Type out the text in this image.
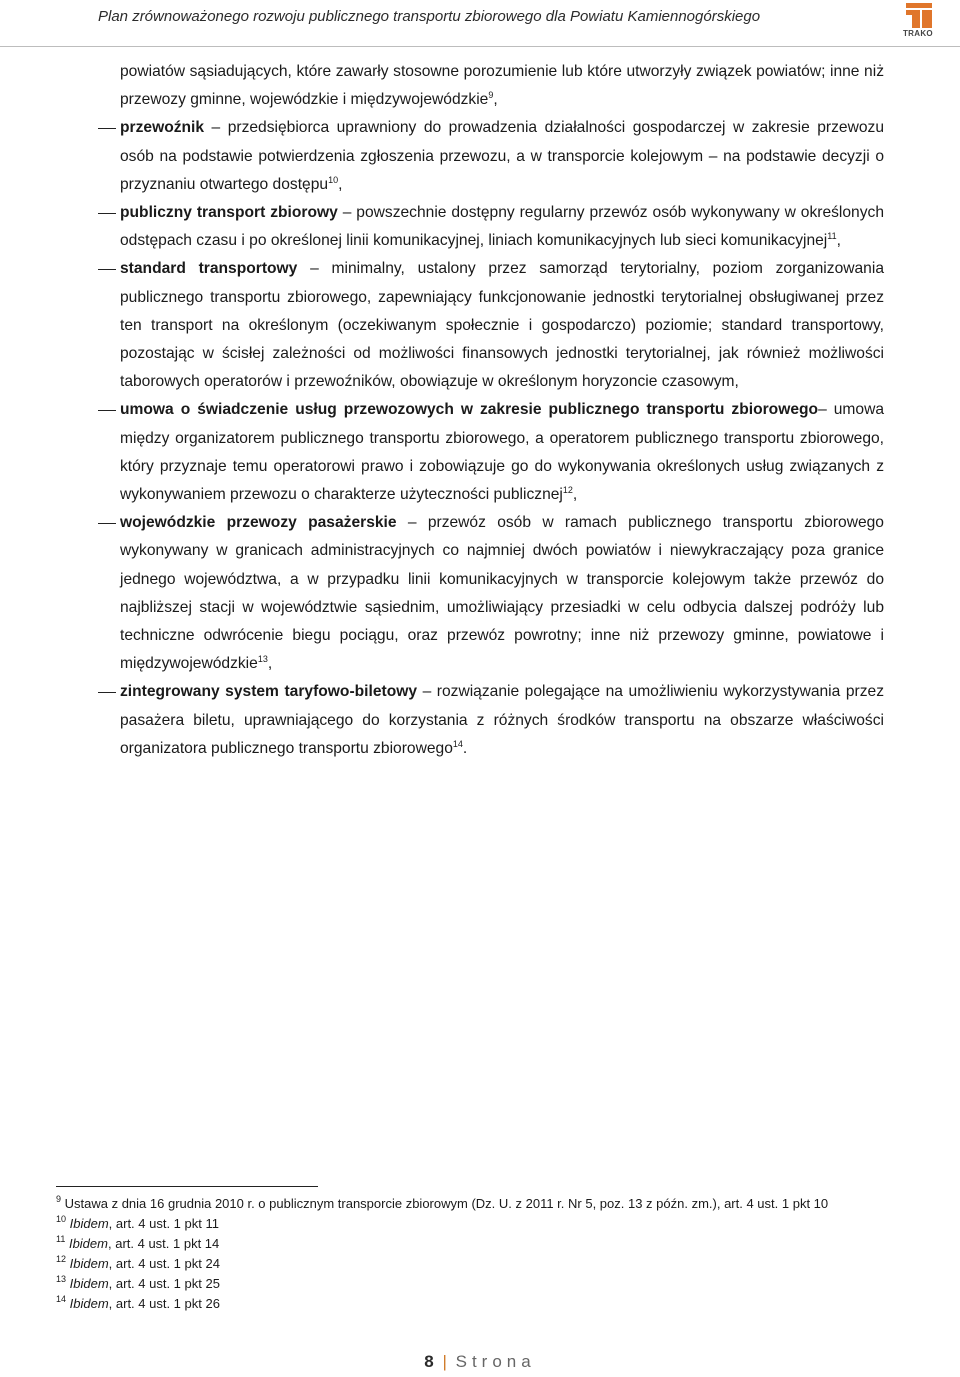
Plan zrównoważonego rozwoju publicznego transportu zbiorowego dla Powiatu Kamiennogórskiego
TRAKO

powiatów sąsiadujących, które zawarły stosowne porozumienie lub które utworzyły związek powiatów; inne niż przewozy gminne, wojewódzkie i międzywojewódzkie$^9$,

przewoźnik – przedsiębiorca uprawniony do prowadzenia działalności gospodarczej w zakresie przewozu osób na podstawie potwierdzenia zgłoszenia przewozu, a w transporcie kolejowym – na podstawie decyzji o przyznaniu otwartego dostępu$^{10}$,

publiczny transport zbiorowy – powszechnie dostępny regularny przewóz osób wykonywany w określonych odstępach czasu i po określonej linii komunikacyjnej, liniach komunikacyjnych lub sieci komunikacyjnej$^{11}$,

standard transportowy – minimalny, ustalony przez samorząd terytorialny, poziom zorganizowania publicznego transportu zbiorowego, zapewniający funkcjonowanie jednostki terytorialnej obsługiwanej przez ten transport na określonym (oczekiwanym społecznie i gospodarczo) poziomie; standard transportowy, pozostając w ścisłej zależności od możliwości finansowych jednostki terytorialnej, jak również możliwości taborowych operatorów i przewoźników, obowiązuje w określonym horyzoncie czasowym,

umowa o świadczenie usług przewozowych w zakresie publicznego transportu zbiorowego– umowa między organizatorem publicznego transportu zbiorowego, a operatorem publicznego transportu zbiorowego, który przyznaje temu operatorowi prawo i zobowiązuje go do wykonywania określonych usług związanych z wykonywaniem przewozu o charakterze użyteczności publicznej$^{12}$,

wojewódzkie przewozy pasażerskie – przewóz osób w ramach publicznego transportu zbiorowego wykonywany w granicach administracyjnych co najmniej dwóch powiatów i niewykraczający poza granice jednego województwa, a w przypadku linii komunikacyjnych w transporcie kolejowym także przewóz do najbliższej stacji w województwie sąsiednim, umożliwiający przesiadki w celu odbycia dalszej podróży lub techniczne odwrócenie biegu pociągu, oraz przewóz powrotny; inne niż przewozy gminne, powiatowe i międzywojewódzkie$^{13}$,

zintegrowany system taryfowo-biletowy – rozwiązanie polegające na umożliwieniu wykorzystywania przez pasażera biletu, uprawniającego do korzystania z różnych środków transportu na obszarze właściwości organizatora publicznego transportu zbiorowego$^{14}$.

$^9$ Ustawa z dnia 16 grudnia 2010 r. o publicznym transporcie zbiorowym (Dz. U. z 2011 r. Nr 5, poz. 13 z późn. zm.), art. 4 ust. 1 pkt 10

$^{10}$ Ibidem, art. 4 ust. 1 pkt 11

$^{11}$ Ibidem, art. 4 ust. 1 pkt 14

$^{12}$ Ibidem, art. 4 ust. 1 pkt 24

$^{13}$ Ibidem, art. 4 ust. 1 pkt 25

$^{14}$ Ibidem, art. 4 ust. 1 pkt 26

8 | Strona
